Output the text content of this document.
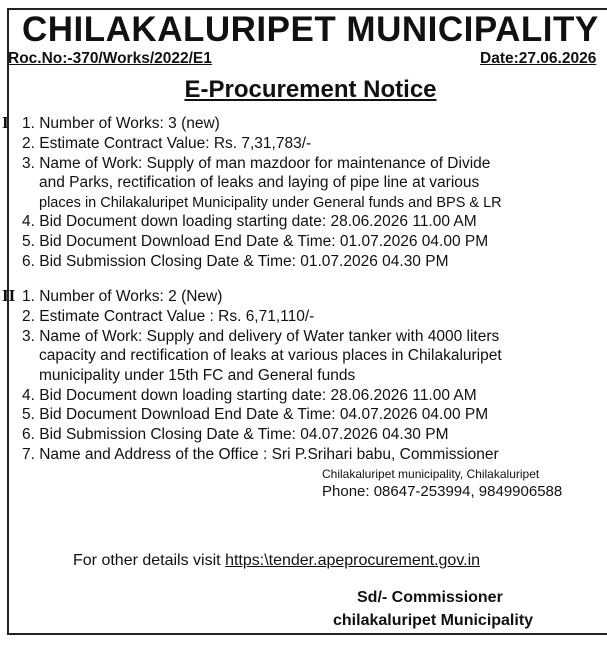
CHILAKALURIPET MUNICIPALITY
Roc.No:-370/Works/2022/E1	Date:27.06.2026
E-Procurement Notice
I 1. Number of Works: 3 (new)
2. Estimate Contract Value: Rs. 7,31,783/-
3. Name of Work: Supply of man mazdoor for maintenance of Divide
and Parks, rectification of leaks and laying of pipe line at various
places in Chilakaluripet Municipality under General funds and BPS & LR
4. Bid Document down loading starting date: 28.06.2026 11.00 AM
5. Bid Document Download End Date & Time: 01.07.2026 04.00 PM
6. Bid Submission Closing Date & Time: 01.07.2026 04.30 PM
II 1. Number of Works: 2 (New)
2. Estimate Contract Value : Rs. 6,71,110/-
3. Name of Work: Supply and delivery of Water tanker with 4000 liters
capacity and rectification of leaks at various places in Chilakaluripet
municipality under 15th FC and General funds
4. Bid Document down loading starting date: 28.06.2026 11.00 AM
5. Bid Document Download End Date & Time: 04.07.2026 04.00 PM
6. Bid Submission Closing Date & Time: 04.07.2026 04.30 PM
7. Name and Address of the Office : Sri P.Srihari babu, Commissioner
Chilakaluripet municipality, Chilakaluripet
Phone: 08647-253994, 9849906588
For other details visit https:\tender.apeprocurement.gov.in
Sd/- Commissioner
chilakaluripet Municipality
